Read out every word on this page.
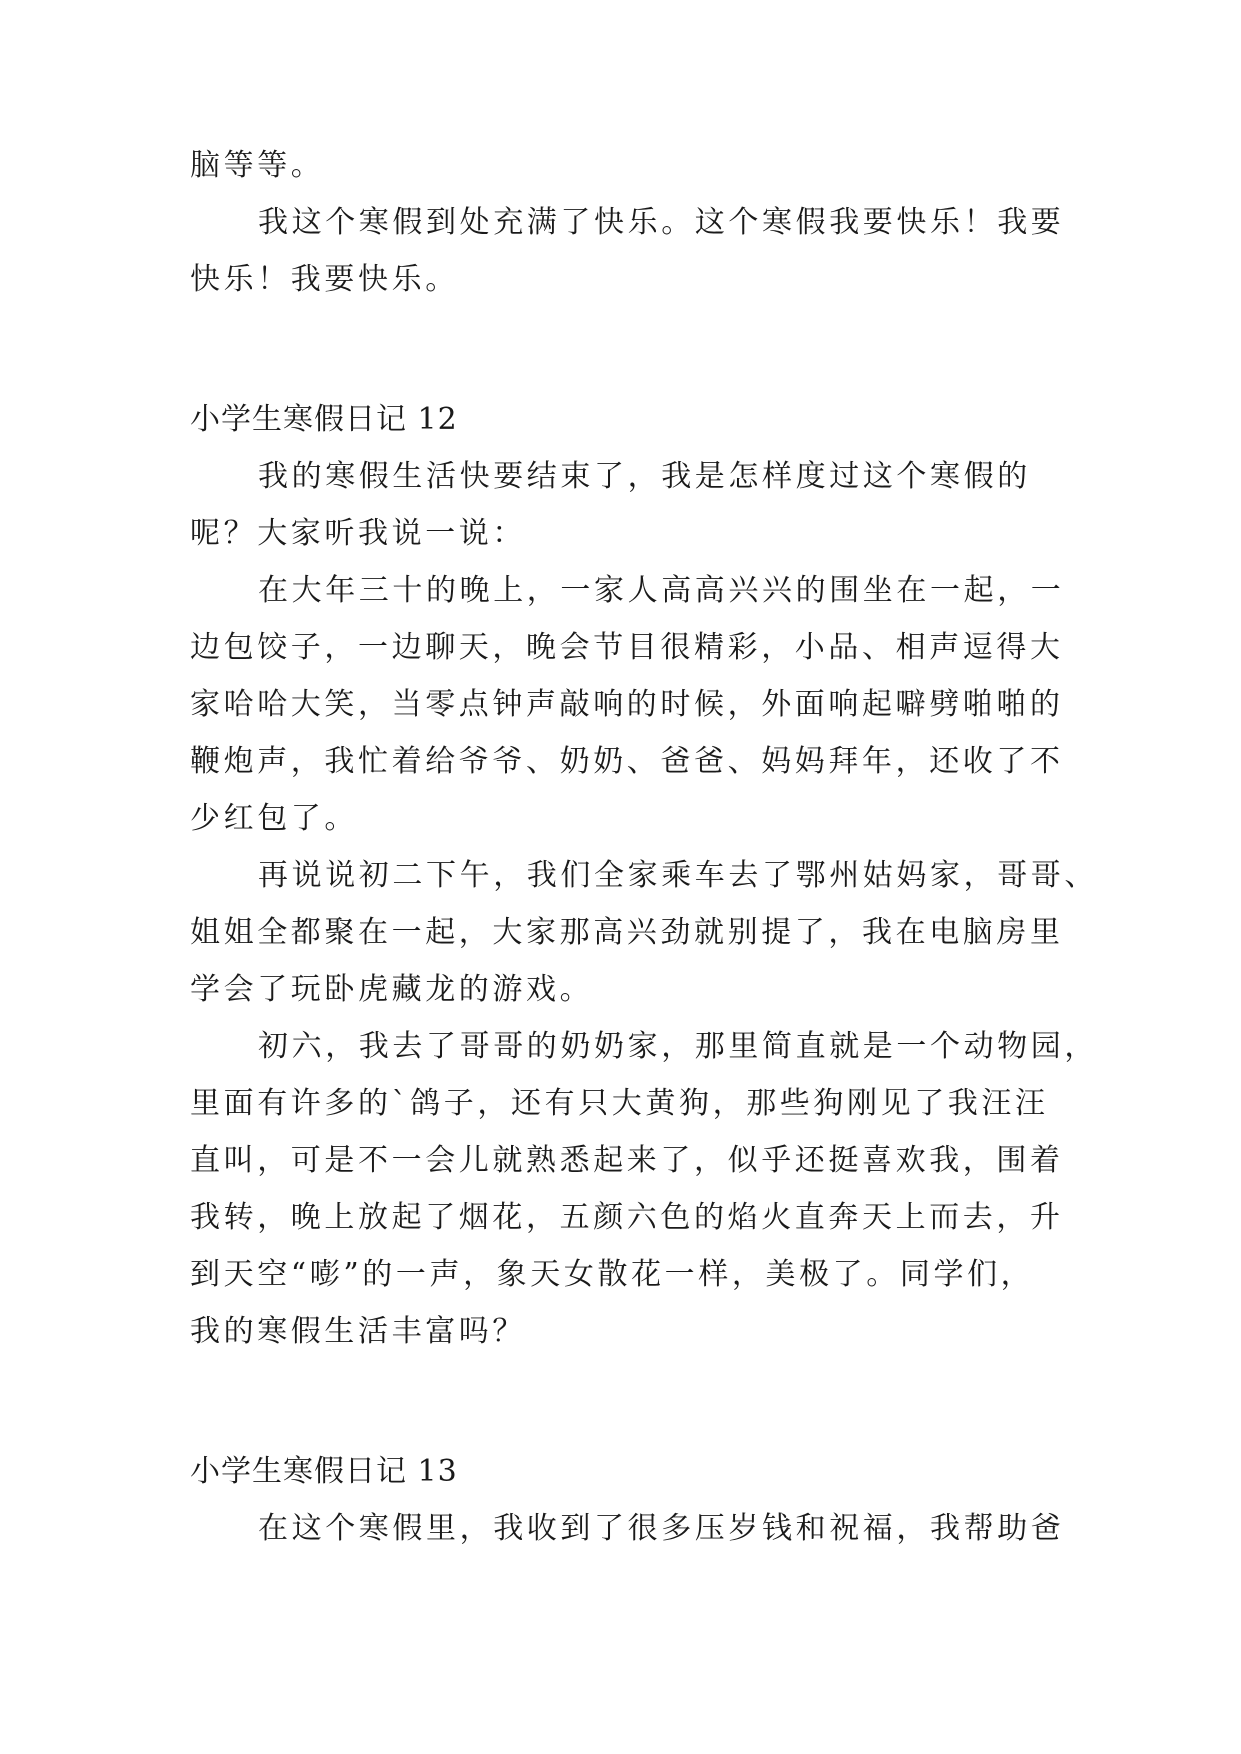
脑等等。
我这个寒假到处充满了快乐。这个寒假我要快乐！我要
快乐！我要快乐。
小学生寒假日记 12
我的寒假生活快要结束了，我是怎样度过这个寒假的
呢？大家听我说一说：
在大年三十的晚上，一家人高高兴兴的围坐在一起，一
边包饺子，一边聊天，晚会节目很精彩，小品、相声逗得大
家哈哈大笑，当零点钟声敲响的时候，外面响起噼劈啪啪的
鞭炮声，我忙着给爷爷、奶奶、爸爸、妈妈拜年，还收了不
少红包了。
再说说初二下午，我们全家乘车去了鄂州姑妈家，哥哥、
姐姐全都聚在一起，大家那高兴劲就别提了，我在电脑房里
学会了玩卧虎藏龙的游戏。
初六，我去了哥哥的奶奶家，那里简直就是一个动物园，
里面有许多的`鸽子，还有只大黄狗，那些狗刚见了我汪汪
直叫，可是不一会儿就熟悉起来了，似乎还挺喜欢我，围着
我转，晚上放起了烟花，五颜六色的焰火直奔天上而去，升
到天空“嘭”的一声，象天女散花一样，美极了。同学们，
我的寒假生活丰富吗？
小学生寒假日记 13
在这个寒假里，我收到了很多压岁钱和祝福，我帮助爸
